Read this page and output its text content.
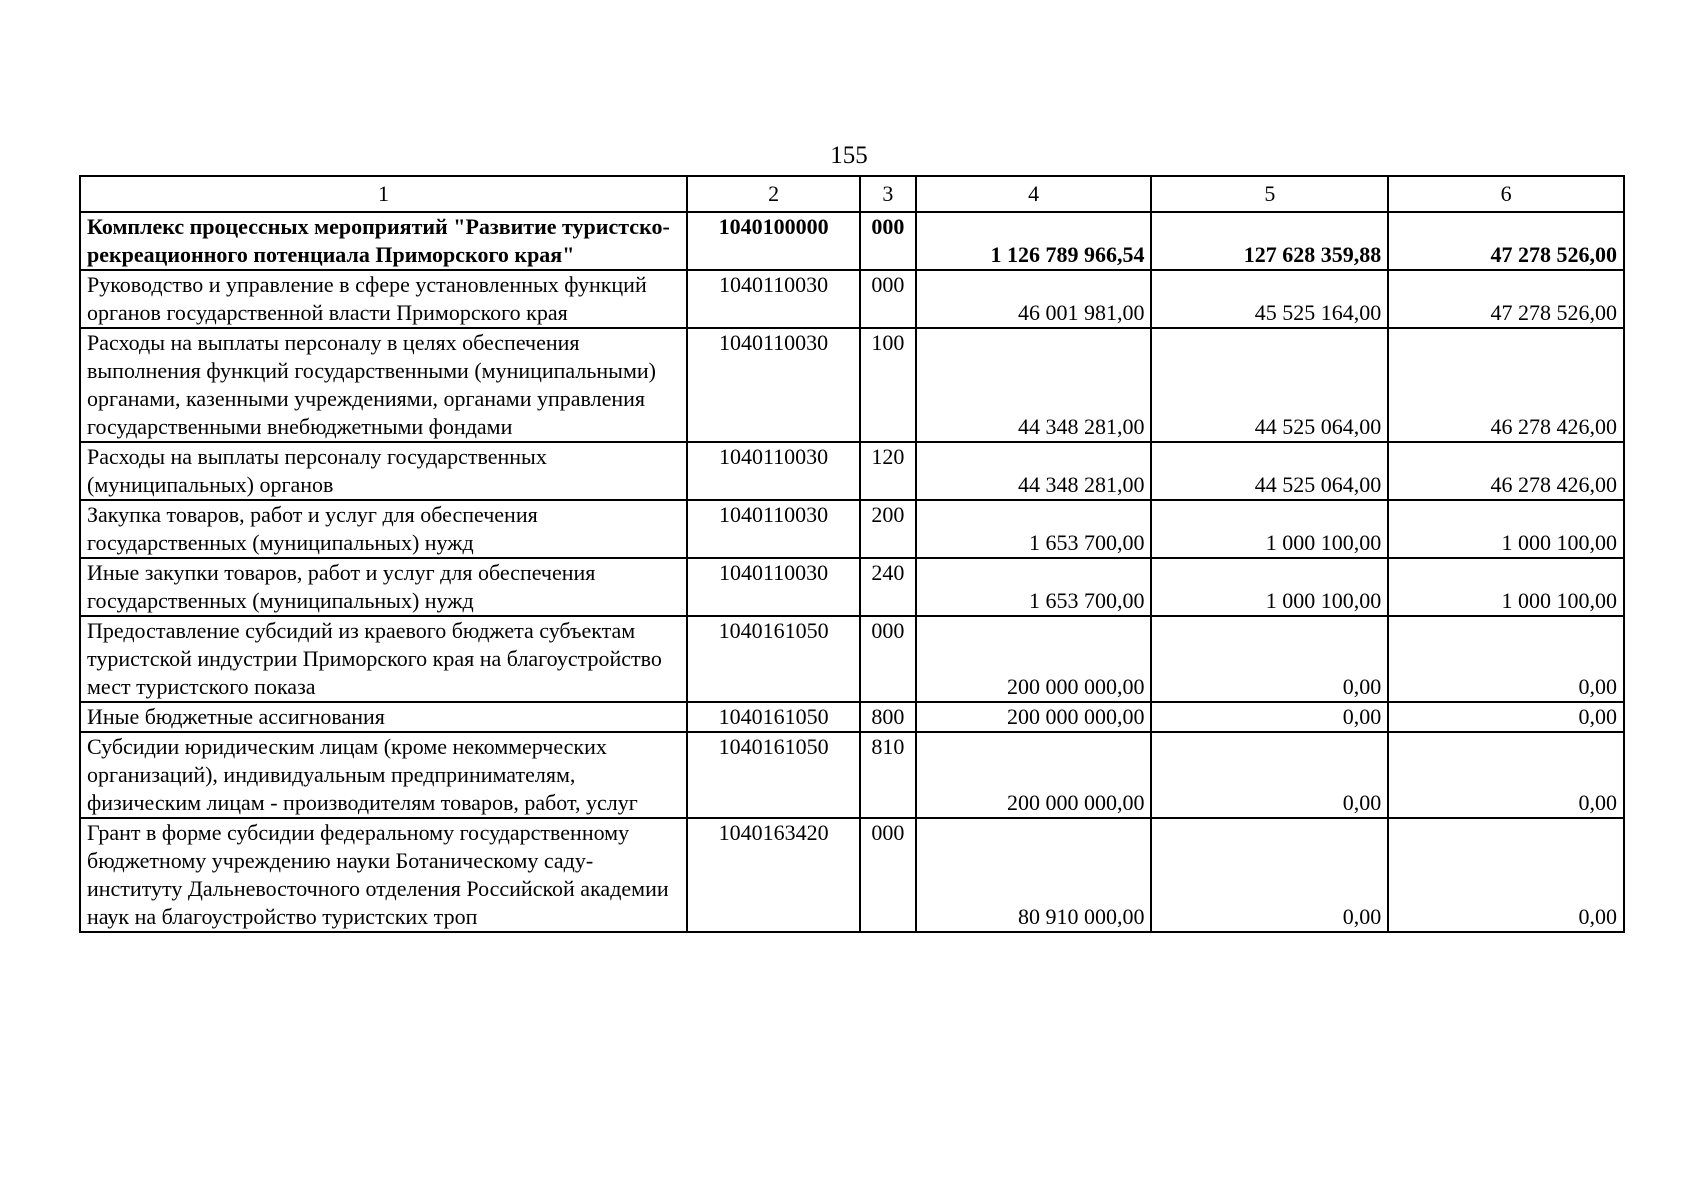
155
1	2	3	4	5	6
Комплекс процессных мероприятий "Развитие туристско-рекреационного потенциала Приморского края"	1040100000	000	1 126 789 966,54	127 628 359,88	47 278 526,00
Руководство и управление в сфере установленных функций органов государственной власти Приморского края	1040110030	000	46 001 981,00	45 525 164,00	47 278 526,00
Расходы на выплаты персоналу в целях обеспечения выполнения функций государственными (муниципальными) органами, казенными учреждениями, органами управления государственными внебюджетными фондами	1040110030	100	44 348 281,00	44 525 064,00	46 278 426,00
Расходы на выплаты персоналу государственных (муниципальных) органов	1040110030	120	44 348 281,00	44 525 064,00	46 278 426,00
Закупка товаров, работ и услуг для обеспечения государственных (муниципальных) нужд	1040110030	200	1 653 700,00	1 000 100,00	1 000 100,00
Иные закупки товаров, работ и услуг для обеспечения государственных (муниципальных) нужд	1040110030	240	1 653 700,00	1 000 100,00	1 000 100,00
Предоставление субсидий из краевого бюджета субъектам туристской индустрии Приморского края на благоустройство мест туристского показа	1040161050	000	200 000 000,00	0,00	0,00
Иные бюджетные ассигнования	1040161050	800	200 000 000,00	0,00	0,00
Субсидии юридическим лицам (кроме некоммерческих организаций), индивидуальным предпринимателям, физическим лицам - производителям товаров, работ, услуг	1040161050	810	200 000 000,00	0,00	0,00
Грант в форме субсидии федеральному государственному бюджетному учреждению науки Ботаническому саду-институту Дальневосточного отделения Российской академии наук на благоустройство туристских троп	1040163420	000	80 910 000,00	0,00	0,00
